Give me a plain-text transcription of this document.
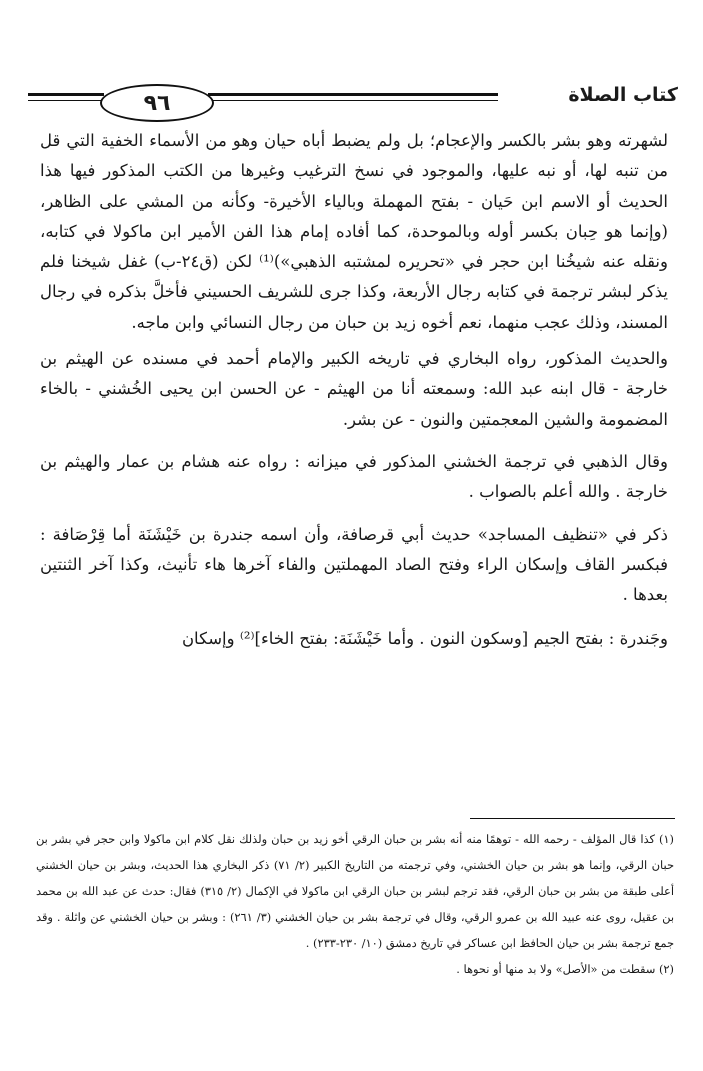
٩٦	كتاب الصلاة

لشهرته وهو بشر بالكسر والإعجام؛ بل ولم يضبط أباه حيان وهو من الأسماء الخفية التي قل من تنبه لها، أو نبه عليها، والموجود في نسخ الترغيب وغيرها من الكتب المذكور فيها هذا الحديث أو الاسم ابن حَيان - بفتح المهملة وبالياء الأخيرة- وكأنه من المشي على الظاهر، (وإنما هو حِبان بكسر أوله وبالموحدة، كما أفاده إمام هذا الفن الأمير ابن ماكولا في كتابه، ونقله عنه شيخُنا ابن حجر في «تحريره لمشتبه الذهبي»)⁽¹⁾ لكن (ق٢٤-ب) غفل شيخنا فلم يذكر لبشر ترجمة في كتابه رجال الأربعة، وكذا جرى للشريف الحسيني فأخلَّ بذكره في رجال المسند، وذلك عجب منهما، نعم أخوه زيد بن حبان من رجال النسائي وابن ماجه.

والحديث المذكور، رواه البخاري في تاريخه الكبير والإمام أحمد في مسنده عن الهيثم بن خارجة - قال ابنه عبد الله: وسمعته أنا من الهيثم - عن الحسن ابن يحيى الخُشني - بالخاء المضمومة والشين المعجمتين والنون - عن بشر.

وقال الذهبي في ترجمة الخشني المذكور في ميزانه : رواه عنه هشام بن عمار والهيثم بن خارجة . والله أعلم بالصواب .

ذكر في «تنظيف المساجد» حديث أبي قرصافة، وأن اسمه جندرة بن خَيْشَنَة أما قِرْصَافة : فبكسر القاف وإسكان الراء وفتح الصاد المهملتين والفاء آخرها هاء تأنيث، وكذا آخر الثنتين بعدها .

وجَندرة : بفتح الجيم [وسكون النون . وأما خَيْشَنَة: بفتح الخاء]⁽²⁾ وإسكان

(١) كذا قال المؤلف - رحمه الله - توهمًا منه أنه بشر بن حبان الرقي أخو زيد بن حبان ولذلك نقل كلام ابن ماكولا وابن حجر في بشر بن حبان الرقي، وإنما هو بشر بن حيان الخشني، وفي ترجمته من التاريخ الكبير (٢/ ٧١) ذكر البخاري هذا الحديث، وبشر بن حيان الخشني أعلى طبقة من بشر بن حبان الرقي، فقد ترجم لبشر بن حبان الرقي ابن ماكولا في الإكمال (٢/ ٣١٥) فقال: حدث عن عبد الله بن محمد بن عقيل، روى عنه عبيد الله بن عمرو الرقي، وقال في ترجمة بشر بن حيان الخشني (٣/ ٢٦١) : وبشر بن حيان الخشني عن واثلة . وقد جمع ترجمة بشر بن حيان الحافظ ابن عساكر في تاريخ دمشق (١٠/ ٢٣٠-٢٣٣) .

(٢) سقطت من «الأصل» ولا بد منها أو نحوها .
